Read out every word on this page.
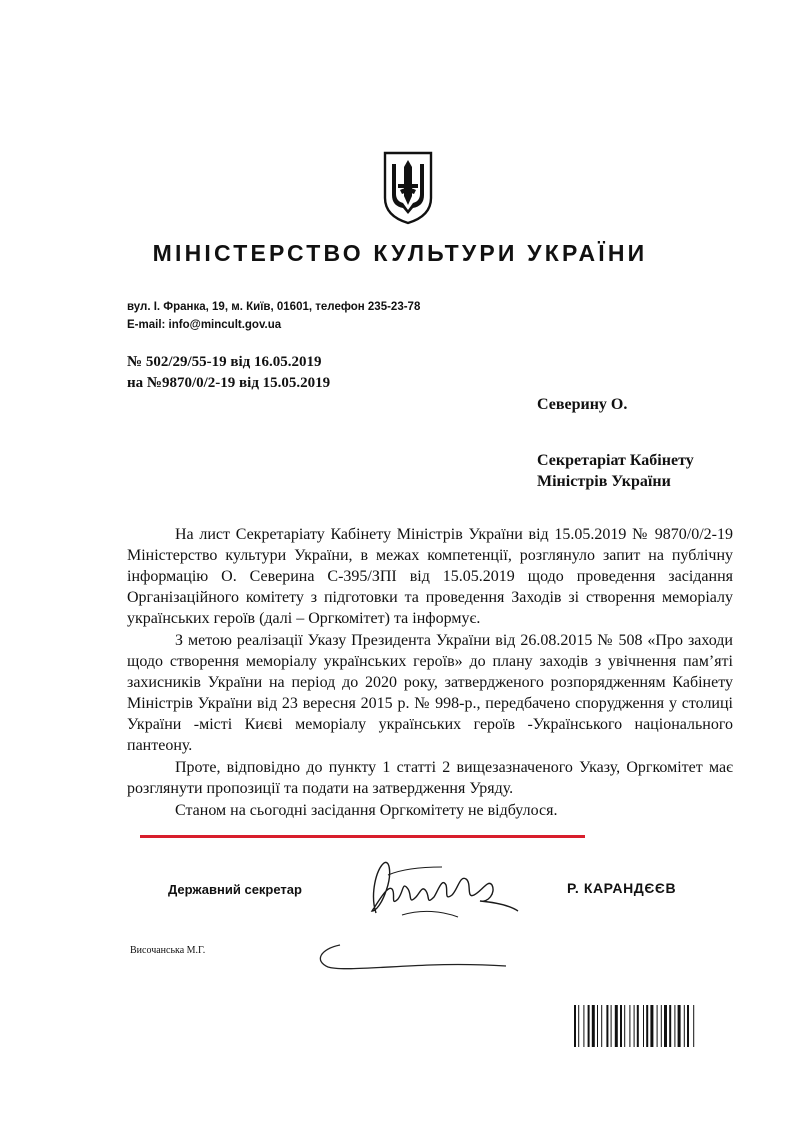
МІНІСТЕРСТВО КУЛЬТУРИ УКРАЇНИ
вул. І. Франка, 19, м. Київ, 01601, телефон 235-23-78
E-mail: info@mincult.gov.ua
№ 502/29/55-19 від 16.05.2019
на №9870/0/2-19 від 15.05.2019
Северину О.
Секретаріат Кабінету
Міністрів України

На лист Секретаріату Кабінету Міністрів України від 15.05.2019 № 9870/0/2-19 Міністерство культури України, в межах компетенції, розглянуло запит на публічну інформацію О. Северина С-395/ЗПІ від 15.05.2019 щодо проведення засідання Організаційного комітету з підготовки та проведення Заходів зі створення меморіалу українських героїв (далі – Оргкомітет) та інформує.

З метою реалізації Указу Президента України від 26.08.2015 № 508 «Про заходи щодо створення меморіалу українських героїв» до плану заходів з увічнення пам’яті захисників України на період до 2020 року, затвердженого розпорядженням Кабінету Міністрів України від 23 вересня 2015 р. № 998-р., передбачено спорудження у столиці України -місті Києві меморіалу українських героїв -Українського національного пантеону.

Проте, відповідно до пункту 1 статті 2 вищезазначеного Указу, Оргкомітет має розглянути пропозиції та подати на затвердження Уряду.

Станом на сьогодні засідання Оргкомітету не відбулося.

Державний секретар	Р. КАРАНДЄЄВ
Височанська М.Г.
